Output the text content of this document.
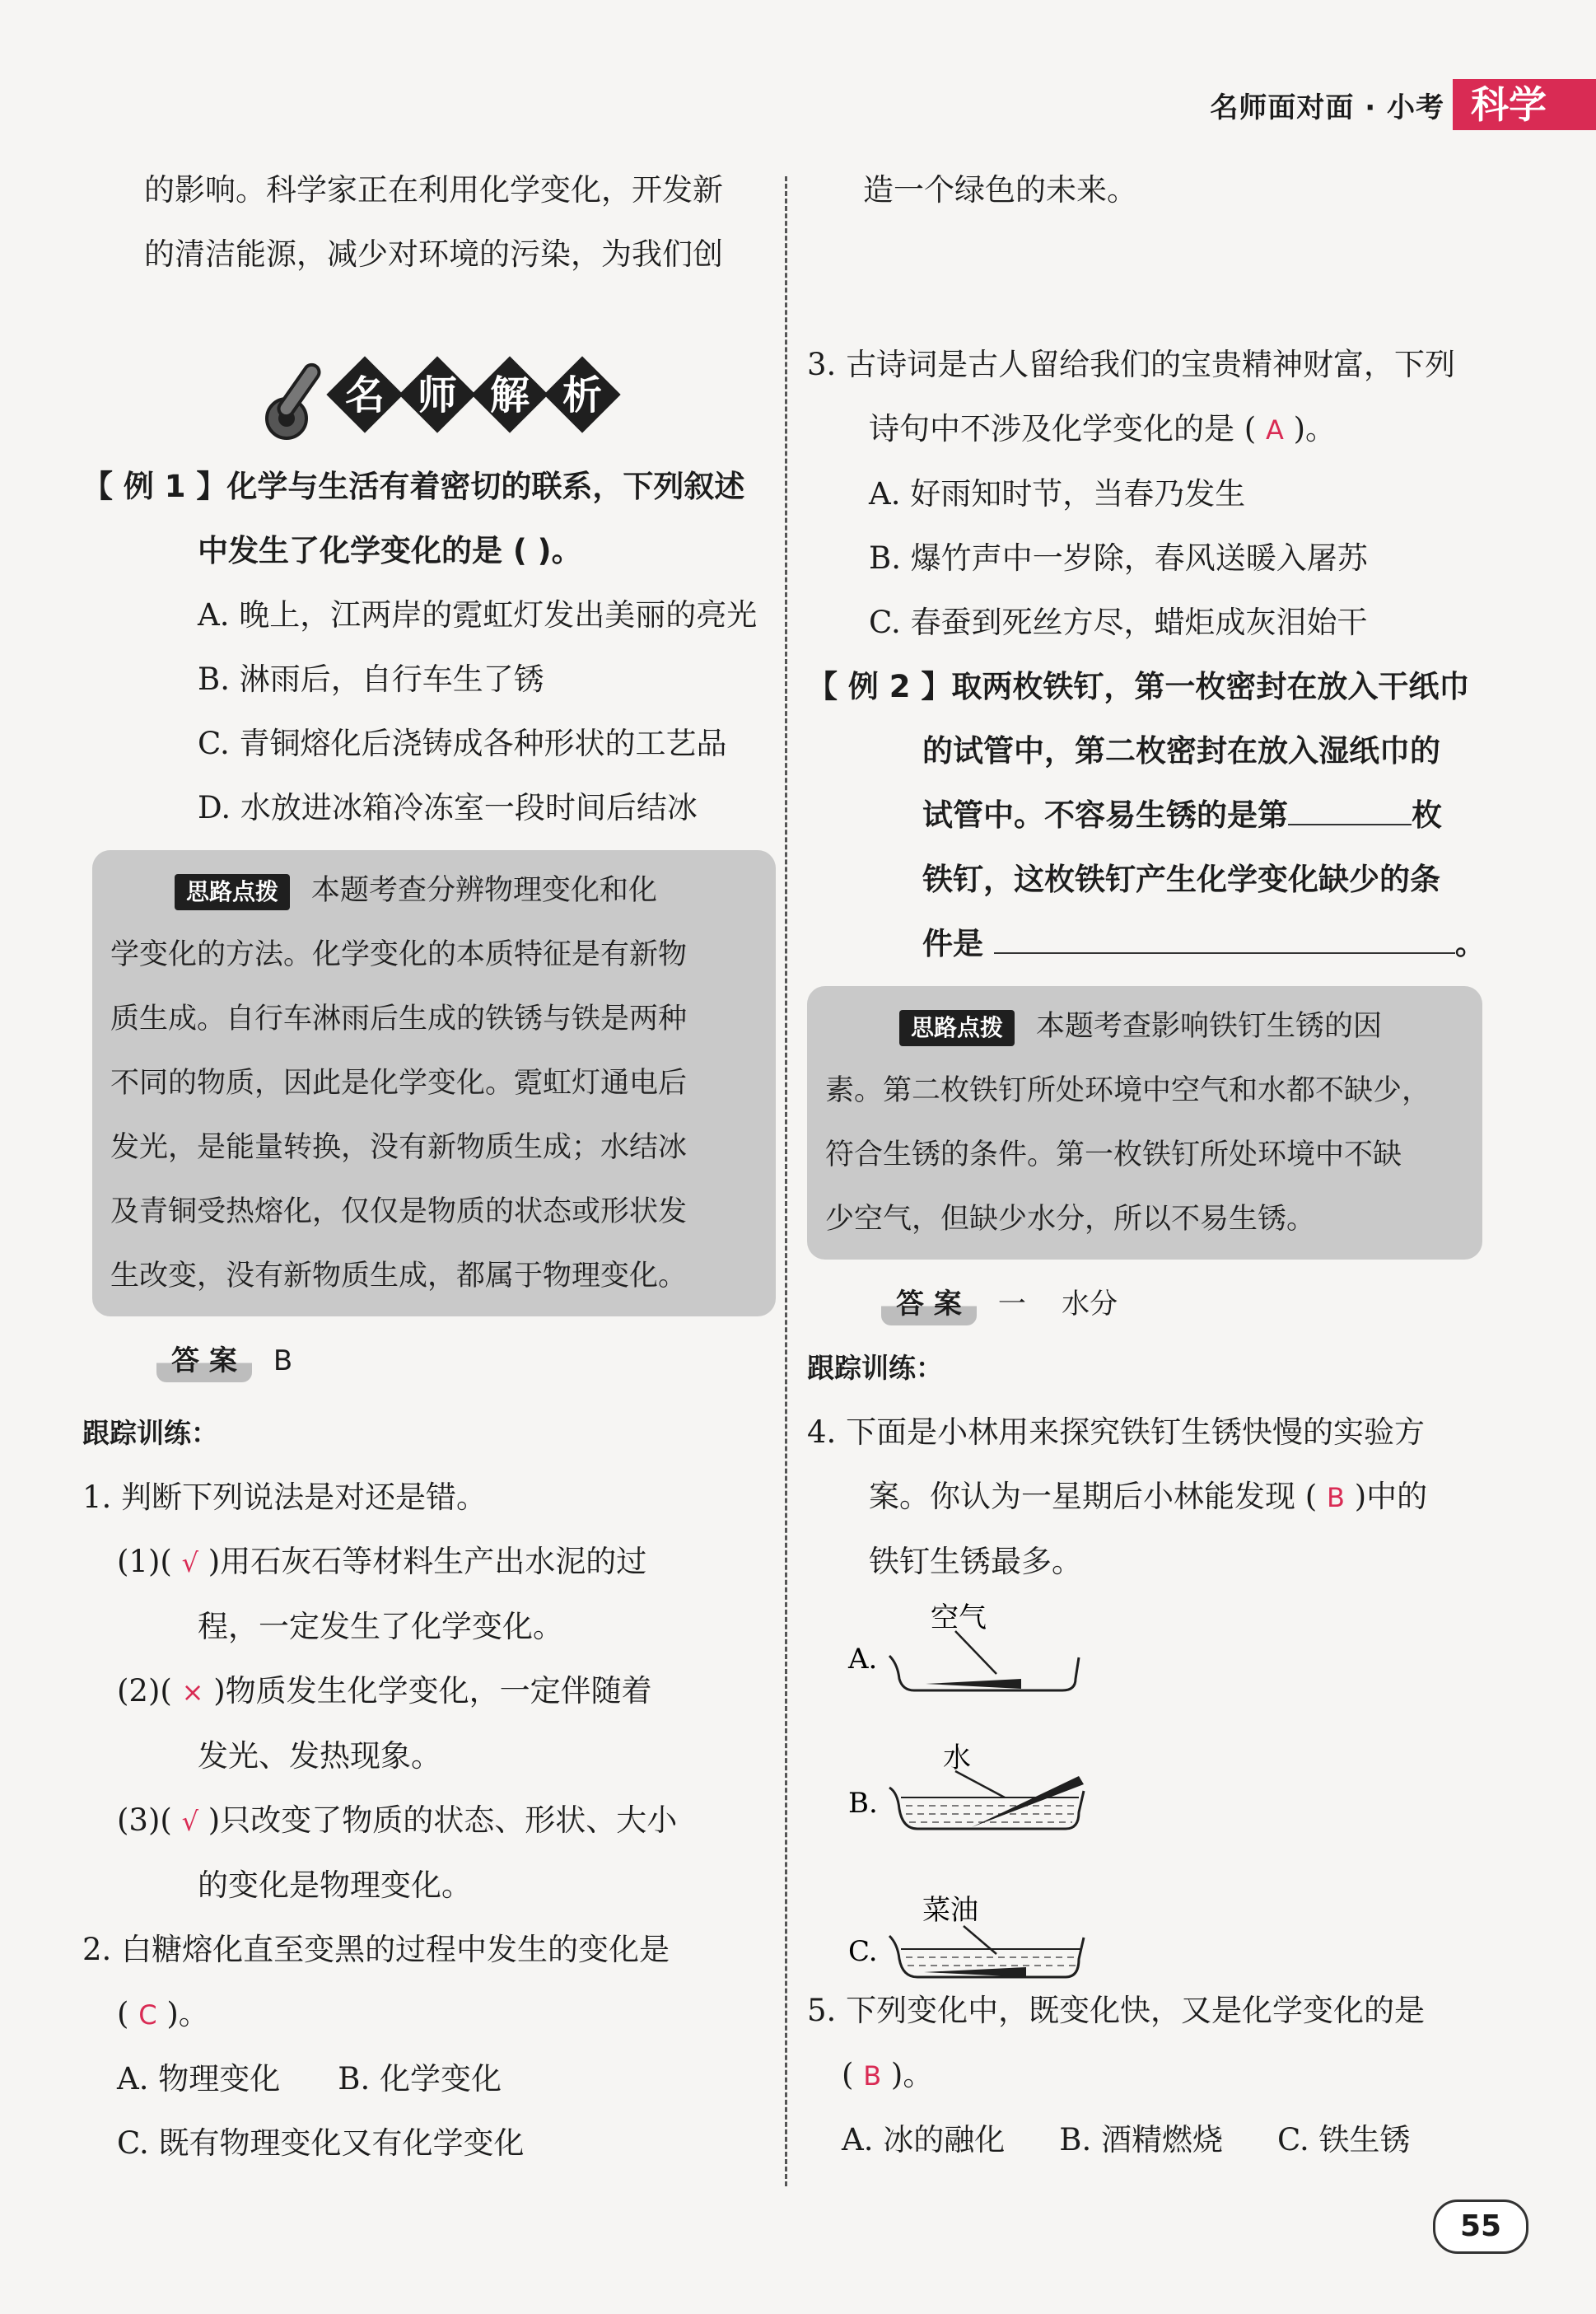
名师面对面 · 小考 科学

的影响。科学家正在利用化学变化，开发新

的清洁能源，减少对环境的污染，为我们创

造一个绿色的未来。

名 师 解 析

【 例 1 】化学与生活有着密切的联系，下列叙述

中发生了化学变化的是 ( )。

A. 晚上，江两岸的霓虹灯发出美丽的亮光

B. 淋雨后，自行车生了锈

C. 青铜熔化后浇铸成各种形状的工艺品

D. 水放进冰箱冷冻室一段时间后结冰

思路点拨 本题考查分辨物理变化和化

学变化的方法。化学变化的本质特征是有新物

质生成。自行车淋雨后生成的铁锈与铁是两种

不同的物质，因此是化学变化。霓虹灯通电后

发光，是能量转换，没有新物质生成；水结冰

及青铜受热熔化，仅仅是物质的状态或形状发

生改变，没有新物质生成，都属于物理变化。

答 案 B

跟踪训练：

1. 判断下列说法是对还是错。

(1)( √ )用石灰石等材料生产出水泥的过

程，一定发生了化学变化。

(2)( × )物质发生化学变化，一定伴随着

发光、发热现象。

(3)( √ )只改变了物质的状态、形状、大小

的变化是物理变化。

2. 白糖熔化直至变黑的过程中发生的变化是

( C )。

A. 物理变化 B. 化学变化

C. 既有物理变化又有化学变化

3. 古诗词是古人留给我们的宝贵精神财富，下列

诗句中不涉及化学变化的是 ( A )。

A. 好雨知时节，当春乃发生

B. 爆竹声中一岁除，春风送暖入屠苏

C. 春蚕到死丝方尽，蜡炬成灰泪始干

【 例 2 】取两枚铁钉，第一枚密封在放入干纸巾

的试管中，第二枚密封在放入湿纸巾的

试管中。不容易生锈的是第	枚

铁钉，这枚铁钉产生化学变化缺少的条

件是	。

思路点拨 本题考查影响铁钉生锈的因

素。第二枚铁钉所处环境中空气和水都不缺少，

符合生锈的条件。第一枚铁钉所处环境中不缺

少空气，但缺少水分，所以不易生锈。

答 案 一    水分

跟踪训练：

4. 下面是小林用来探究铁钉生锈快慢的实验方

案。你认为一星期后小林能发现 ( B )中的

铁钉生锈最多。

空气
A.
水
B.
菜油
C.

5. 下列变化中，既变化快，又是化学变化的是

( B )。

A. 冰的融化 B. 酒精燃烧 C. 铁生锈

55
